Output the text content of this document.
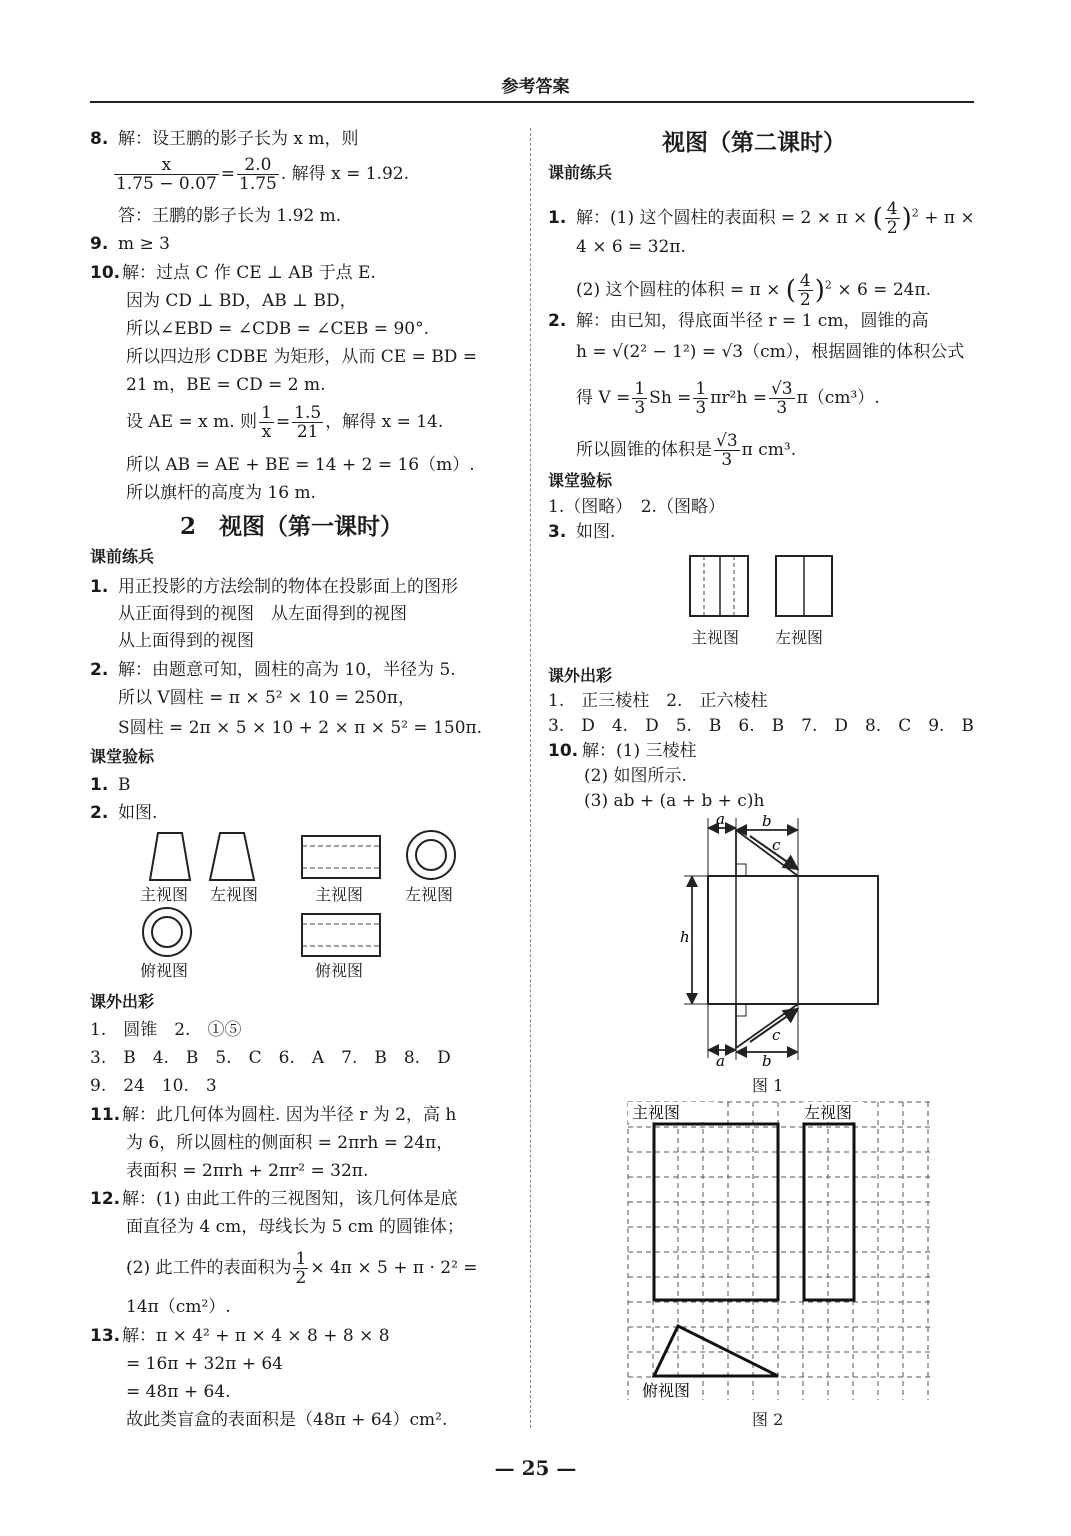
参考答案
8. 解：设王鹏的影子长为 x m，则
$\frac{x}{1.75 - 0.07} = \frac{2.0}{1.75}$ . 解得 x = 1.92.
答：王鹏的影子长为 1.92 m.
9. m ≥ 3
10. 解：过点 C 作 CE ⊥ AB 于点 E.
因为 CD ⊥ BD，AB ⊥ BD，
所以∠EBD = ∠CDB = ∠CEB = 90°.
所以四边形 CDBE 为矩形，从而 CE = BD =
21 m，BE = CD = 2 m.
设 AE = x m. 则 $\frac{1}{x} = \frac{1.5}{21}$ ，解得 x = 14.
所以 AB = AE + BE = 14 + 2 = 16（m）.
所以旗杆的高度为 16 m.
2　视图（第一课时）
课前练兵
1. 用正投影的方法绘制的物体在投影面上的图形
从正面得到的视图　从左面得到的视图
从上面得到的视图
2. 解：由题意可知，圆柱的高为 10，半径为 5.
所以 V圆柱 = π × 5² × 10 = 250π，
S圆柱 = 2π × 5 × 10 + 2 × π × 5² = 150π.
课堂验标
1. B
2. 如图.
主视图 左视图	主视图	左视图
俯视图	俯视图
课外出彩
1.　圆锥　2.　①⑤
3.　B　4.　B　5.　C　6.　A　7.　B　8.　D
9.　24　10.　3
11. 解：此几何体为圆柱. 因为半径 r 为 2，高 h
为 6，所以圆柱的侧面积 = 2πrh = 24π，
表面积 = 2πrh + 2πr² = 32π.
12. 解：(1) 由此工件的三视图知，该几何体是底
面直径为 4 cm，母线长为 5 cm 的圆锥体；
(2) 此工件的表面积为 $\frac{1}{2} \times 4\pi \times 5 + \pi \cdot 2^2$ =
14π（cm²）.
13. 解：π × 4² + π × 4 × 8 + 8 × 8
= 16π + 32π + 64
= 48π + 64.
故此类盲盒的表面积是（48π + 64）cm².
视图（第二课时）
课前练兵
1. 解：(1) 这个圆柱的表面积 = 2 × π × ( $\frac{4}{2} )^2 + \pi$ ×
4 × 6 = 32π.
(2) 这个圆柱的体积 = π × ( $\frac{4}{2} )^2 \times 6 = 24\pi$.
2. 解：由已知，得底面半径 r = 1 cm，圆锥的高
h = √(2² − 1²) = √3（cm），根据圆锥的体积公式
得 $V = \frac{1}{3}$ $Sh = \frac{1}{3} \pi r^2h = \frac{√3}{3} \pi(cm^3)$.
所以圆锥的体积是 $\frac{√3}{3}$ π cm³.
课堂验标
1.（图略）　2.（图略）
3. 如图.
主视图 左视图
课外出彩
1.　正三棱柱　2.　正六棱柱
3.　D　4.　D　5.　B　6.　B　7.　D　8.　C　9.　B
10. 解：(1) 三棱柱
(2) 如图所示.
(3) ab + (a + b + c)h
a b
c
h
c
a b
图 1
主视图	左视图
俯视图
图 2
— 25 —
